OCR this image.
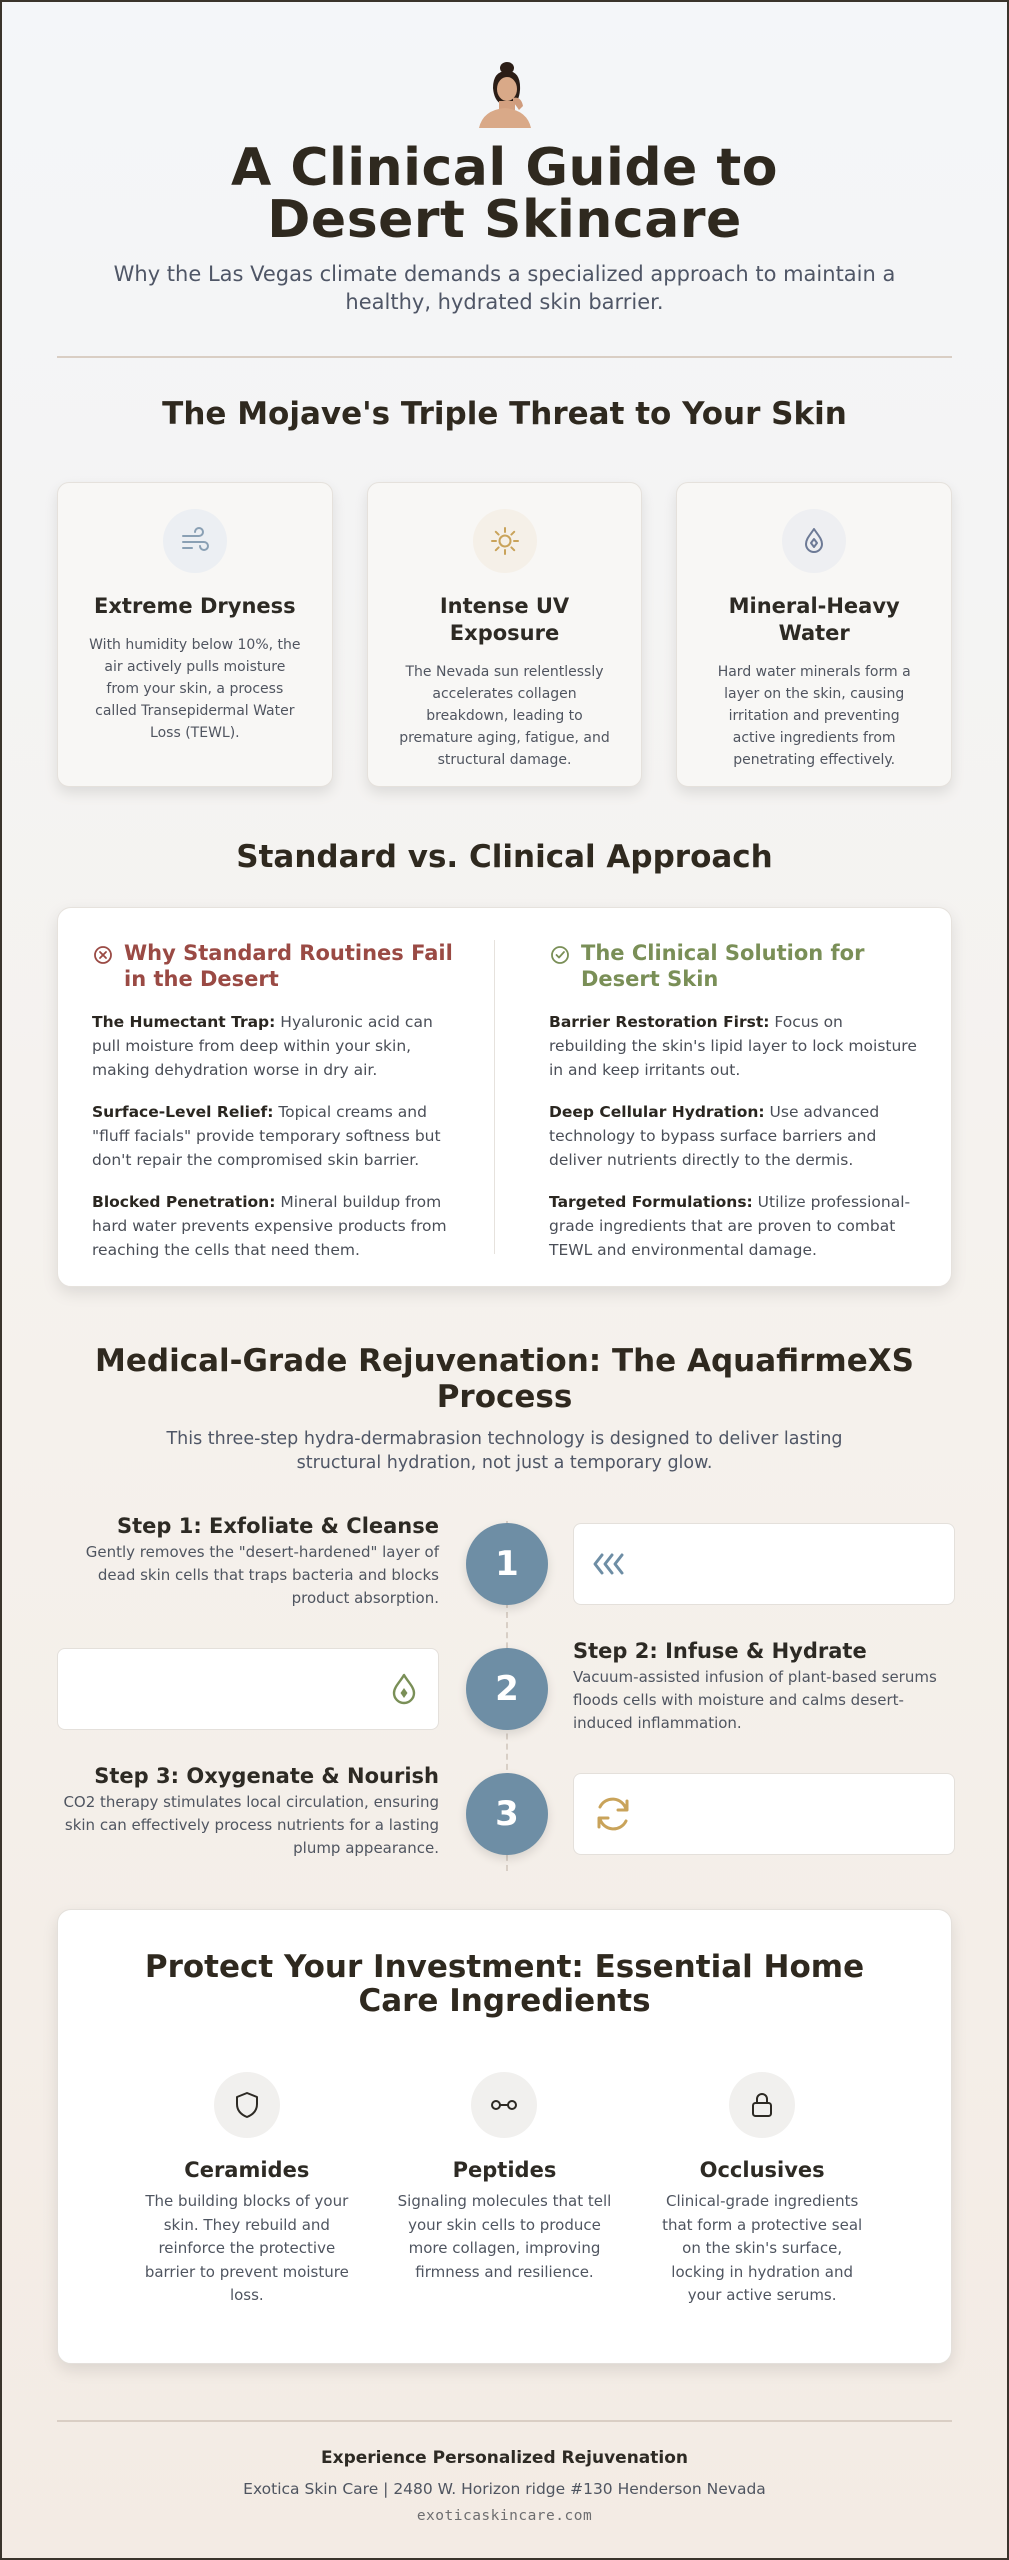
A Clinical Guide to Desert Skincare

Why the Las Vegas climate demands a specialized approach to maintain a healthy, hydrated skin barrier.

The Mojave's Triple Threat to Your Skin
Extreme Dryness

With humidity below 10%, the air actively pulls moisture from your skin, a process called Transepidermal Water Loss (TEWL).

Intense UV Exposure

The Nevada sun relentlessly accelerates collagen breakdown, leading to premature aging, fatigue, and structural damage.

Mineral-Heavy Water

Hard water minerals form a layer on the skin, causing irritation and preventing active ingredients from penetrating effectively.

Standard vs. Clinical Approach
Why Standard Routines Fail in the Desert

The Humectant Trap: Hyaluronic acid can pull moisture from deep within your skin, making dehydration worse in dry air.

Surface-Level Relief: Topical creams and "fluff facials" provide temporary softness but don't repair the compromised skin barrier.

Blocked Penetration: Mineral buildup from hard water prevents expensive products from reaching the cells that need them.

The Clinical Solution for Desert Skin

Barrier Restoration First: Focus on rebuilding the skin's lipid layer to lock moisture in and keep irritants out.

Deep Cellular Hydration: Use advanced technology to bypass surface barriers and deliver nutrients directly to the dermis.

Targeted Formulations: Utilize professional-grade ingredients that are proven to combat TEWL and environmental damage.

Medical-Grade Rejuvenation: The AquafirmeXS Process

This three-step hydra-dermabrasion technology is designed to deliver lasting structural hydration, not just a temporary glow.

Step 1: Exfoliate & Cleanse

Gently removes the "desert-hardened" layer of dead skin cells that traps bacteria and blocks product absorption.

1
2
Step 2: Infuse & Hydrate

Vacuum-assisted infusion of plant-based serums floods cells with moisture and calms desert-induced inflammation.

Step 3: Oxygenate & Nourish

CO2 therapy stimulates local circulation, ensuring skin can effectively process nutrients for a lasting plump appearance.

3
Protect Your Investment: Essential Home Care Ingredients
Ceramides

The building blocks of your skin. They rebuild and reinforce the protective barrier to prevent moisture loss.

Peptides

Signaling molecules that tell your skin cells to produce more collagen, improving firmness and resilience.

Occlusives

Clinical-grade ingredients that form a protective seal on the skin's surface, locking in hydration and your active serums.

Experience Personalized Rejuvenation

Exotica Skin Care | 2480 W. Horizon ridge #130 Henderson Nevada

exoticaskincare.com
